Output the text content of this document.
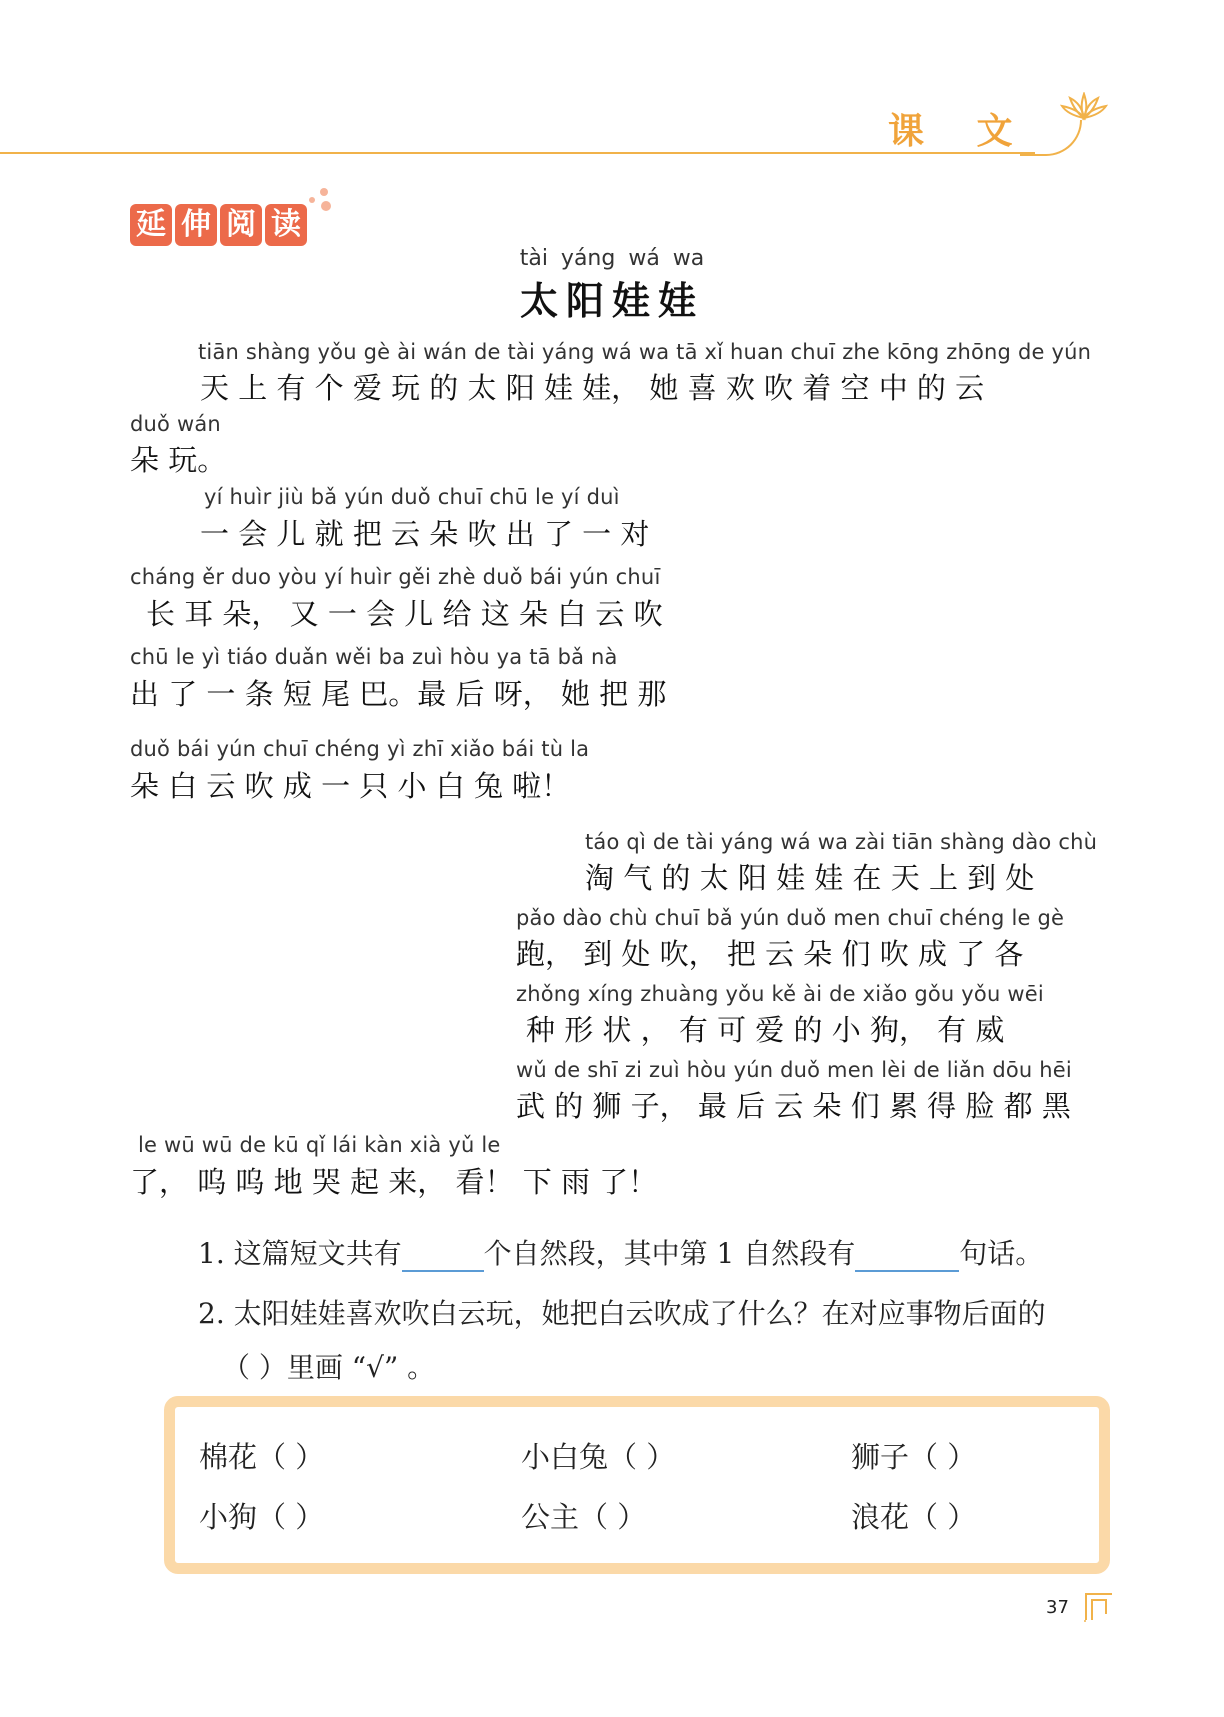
课 文
延 伸 阅 读
tài yáng wá wa
太阳娃娃
tiān shàng yǒu gè ài wán de tài yáng wá wa tā xǐ huan chuī zhe kōng zhōng de yún
天 上 有 个 爱 玩 的 太 阳 娃 娃， 她 喜 欢 吹 着 空 中 的 云
duǒ wán
朵 玩。
yí huìr jiù bǎ yún duǒ chuī chū le yí duì
一 会 儿 就 把 云 朵 吹 出 了 一 对
cháng ěr duo yòu yí huìr gěi zhè duǒ bái yún chuī
长 耳 朵， 又 一 会 儿 给 这 朵 白 云 吹
chū le yì tiáo duǎn wěi ba zuì hòu ya tā bǎ nà
出 了 一 条 短 尾 巴。最 后 呀， 她 把 那
duǒ bái yún chuī chéng yì zhī xiǎo bái tù la
朵 白 云 吹 成 一 只 小 白 兔 啦！
táo qì de tài yáng wá wa zài tiān shàng dào chù
淘 气 的 太 阳 娃 娃 在 天 上 到 处
pǎo dào chù chuī bǎ yún duǒ men chuī chéng le gè
跑， 到 处 吹， 把 云 朵 们 吹 成 了 各
zhǒng xíng zhuàng yǒu kě ài de xiǎo gǒu yǒu wēi
种 形 状 ， 有 可 爱 的 小 狗， 有 威
wǔ de shī zi zuì hòu yún duǒ men lèi de liǎn dōu hēi
武 的 狮 子， 最 后 云 朵 们 累 得 脸 都 黑
le wū wū de kū qǐ lái kàn xià yǔ le
了， 呜 呜 地 哭 起 来， 看！ 下 雨 了！
1. 这篇短文共有	个自然段，其中第 1 自然段有	句话。
2. 太阳娃娃喜欢吹白云玩，她把白云吹成了什么？在对应事物后面的
（ ）里画 “√” 。
棉花（ ）	小白兔（ ）	狮子（ ）
小狗（ ）	公主（ ）	浪花（ ）
37
